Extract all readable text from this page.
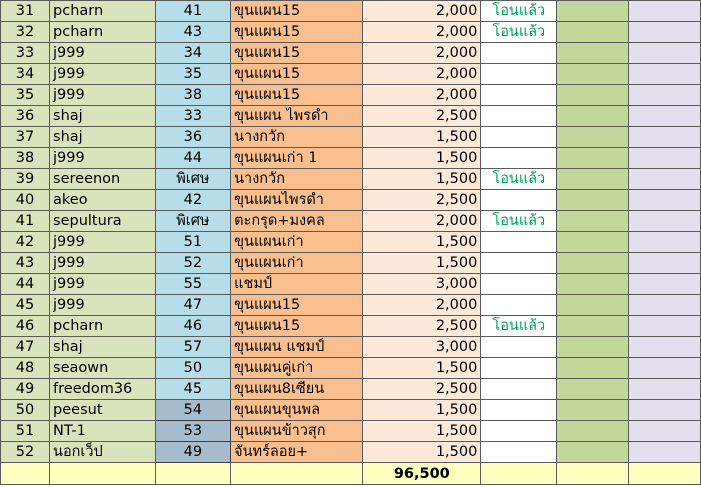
31	pcharn	41	ขุนแผน15	2,000	โอนแล้ว		
32	pcharn	43	ขุนแผน15	2,000	โอนแล้ว		
33	j999	34	ขุนแผน15	2,000			
34	j999	35	ขุนแผน15	2,000			
35	j999	38	ขุนแผน15	2,000			
36	shaj	33	ขุนแผน ไพรดำ	2,500			
37	shaj	36	นางกวัก	1,500			
38	j999	44	ขุนแผนเก่า 1	1,500			
39	sereenon	พิเศษ	นางกวัก	1,500	โอนแล้ว		
40	akeo	42	ขุนแผนไพรดำ	2,500			
41	sepultura	พิเศษ	ตะกรุด+มงคล	2,000	โอนแล้ว		
42	j999	51	ขุนแผนเก่า	1,500			
43	j999	52	ขุนแผนเก่า	1,500			
44	j999	55	แชมป์	3,000			
45	j999	47	ขุนแผน15	2,000			
46	pcharn	46	ขุนแผน15	2,500	โอนแล้ว		
47	shaj	57	ขุนแผน แชมป์	3,000			
48	seaown	50	ขุนแผนคู่เก่า	1,500			
49	freedom36	45	ขุนแผน8เซียน	2,500			
50	peesut	54	ขุนแผนขุนพล	1,500			
51	NT-1	53	ขุนแผนข้าวสุก	1,500			
52	นอกเว็ป	49	จันทร์ลอย+	1,500			
				96,500			
